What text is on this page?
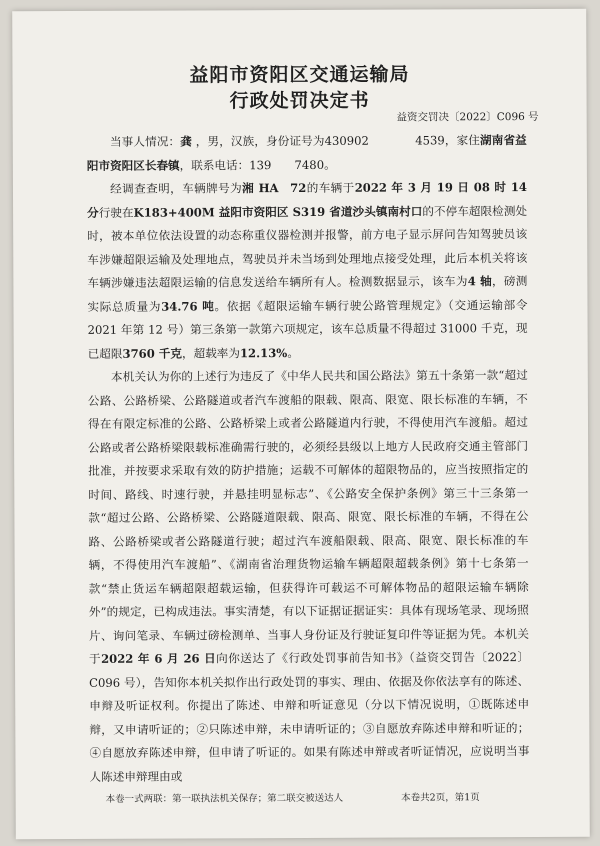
益阳市资阳区交通运输局
行政处罚决定书
益资交罚决〔2022〕C096 号

当事人情况：龚 ，男，汉族，身份证号为430902    	4539，家住湖南省益阳市资阳区长春镇，联系电话：139   7480。

经调查查明，车辆牌号为湘 HA  72的车辆于2022 年 3 月 19 日 08 时 14 分行驶在K183+400M 益阳市资阳区 S319 省道沙头镇南村口的不停车超限检测处时，被本单位依法设置的动态称重仪器检测并报警，前方电子显示屏问告知驾驶员该车涉嫌超限运输及处理地点，驾驶员并未当场到处理地点接受处理，此后本机关将该车辆涉嫌违法超限运输的信息发送给车辆所有人。检测数据显示，该车为4 轴，磅测实际总质量为34.76 吨。依据《超限运输车辆行驶公路管理规定》（交通运输部令 2021 年第 12 号）第三条第一款第六项规定，该车总质量不得超过 31000 千克，现已超限3760 千克，超载率为12.13%。

本机关认为你的上述行为违反了《中华人民共和国公路法》第五十条第一款“超过公路、公路桥梁、公路隧道或者汽车渡船的限载、限高、限宽、限长标准的车辆，不得在有限定标准的公路、公路桥梁上或者公路隧道内行驶，不得使用汽车渡船。超过公路或者公路桥梁限载标准确需行驶的，必须经县级以上地方人民政府交通主管部门批准，并按要求采取有效的防护措施；运载不可解体的超限物品的，应当按照指定的时间、路线、时速行驶，并悬挂明显标志”、《公路安全保护条例》第三十三条第一款“超过公路、公路桥梁、公路隧道限载、限高、限宽、限长标准的车辆，不得在公路、公路桥梁或者公路隧道行驶；超过汽车渡船限载、限高、限宽、限长标准的车辆，不得使用汽车渡船”、《湖南省治理货物运输车辆超限超载条例》第十七条第一款“禁止货运车辆超限超载运输，但获得许可载运不可解体物品的超限运输车辆除外”的规定，已构成违法。事实清楚，有以下证据证据证实：具体有现场笔录、现场照片、询问笔录、车辆过磅检测单、当事人身份证及行驶证复印件等证据为凭。本机关于2022 年 6 月 26 日向你送达了《行政处罚事前告知书》（益资交罚告〔2022〕C096 号），告知你本机关拟作出行政处罚的事实、理由、依据及你依法享有的陈述、申辩及听证权利。你提出了陈述、申辩和听证意见（分以下情况说明，①既陈述申辩，又申请听证的；②只陈述申辩，未申请听证的；③自愿放弃陈述申辩和听证的；④自愿放弃陈述申辩，但申请了听证的。如果有陈述申辩或者听证情况，应说明当事人陈述申辩理由或

本卷一式两联：第一联执法机关保存；第二联交被送达人	本卷共2页，第1页
